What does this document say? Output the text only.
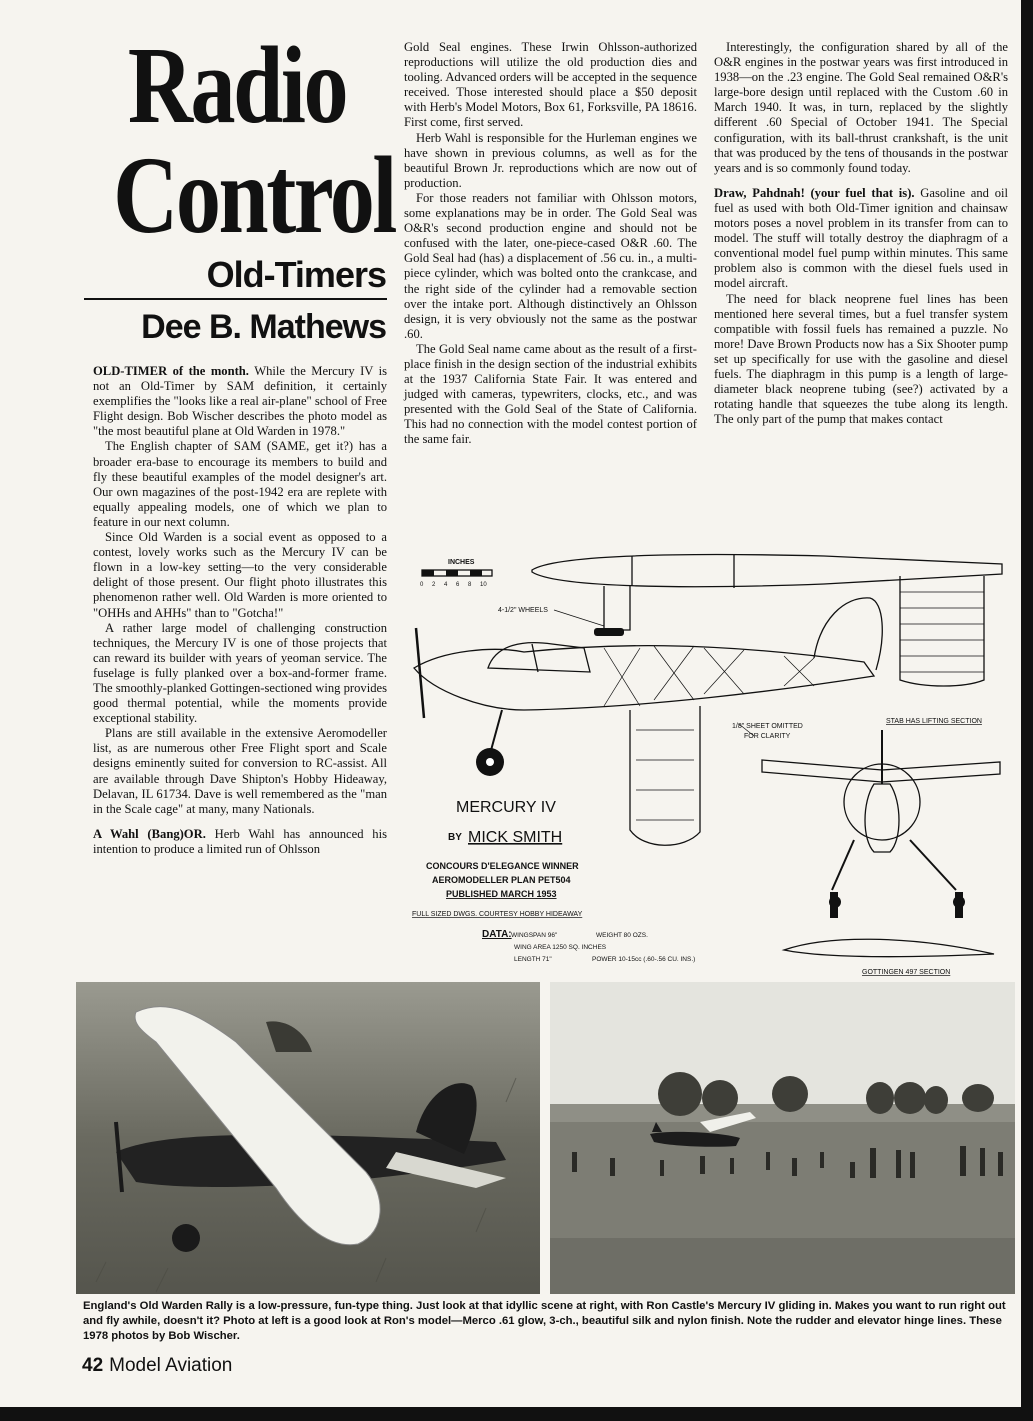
Radio
Control
Old-Timers
Dee B. Mathews

OLD-TIMER of the month. While the Mercury IV is not an Old-Timer by SAM definition, it certainly exemplifies the "looks like a real air-plane" school of Free Flight design. Bob Wischer describes the photo model as "the most beautiful plane at Old Warden in 1978."

The English chapter of SAM (SAME, get it?) has a broader era-base to encourage its members to build and fly these beautiful examples of the model designer's art. Our own magazines of the post-1942 era are replete with equally appealing models, one of which we plan to feature in our next column.

Since Old Warden is a social event as opposed to a contest, lovely works such as the Mercury IV can be flown in a low-key setting—to the very considerable delight of those present. Our flight photo illustrates this phenomenon rather well. Old Warden is more oriented to "OHHs and AHHs" than to "Gotcha!"

A rather large model of challenging construction techniques, the Mercury IV is one of those projects that can reward its builder with years of yeoman service. The fuselage is fully planked over a box-and-former frame. The smoothly-planked Gottingen-sectioned wing provides good thermal potential, while the moments provide exceptional stability.

Plans are still available in the extensive Aeromodeller list, as are numerous other Free Flight sport and Scale designs eminently suited for conversion to RC-assist. All are available through Dave Shipton's Hobby Hideaway, Delavan, IL 61734. Dave is well remembered as the "man in the Scale cage" at many, many Nationals.

A Wahl (Bang)OR. Herb Wahl has announced his intention to produce a limited run of Ohlsson

Gold Seal engines. These Irwin Ohlsson-authorized reproductions will utilize the old production dies and tooling. Advanced orders will be accepted in the sequence received. Those interested should place a $50 deposit with Herb's Model Motors, Box 61, Forksville, PA 18616. First come, first served.

Herb Wahl is responsible for the Hurleman engines we have shown in previous columns, as well as for the beautiful Brown Jr. reproductions which are now out of production.

For those readers not familiar with Ohlsson motors, some explanations may be in order. The Gold Seal was O&R's second production engine and should not be confused with the later, one-piece-cased O&R .60. The Gold Seal had (has) a displacement of .56 cu. in., a multi-piece cylinder, which was bolted onto the crankcase, and the right side of the cylinder had a removable section over the intake port. Although distinctively an Ohlsson design, it is very obviously not the same as the postwar .60.

The Gold Seal name came about as the result of a first-place finish in the design section of the industrial exhibits at the 1937 California State Fair. It was entered and judged with cameras, typewriters, clocks, etc., and was presented with the Gold Seal of the State of California. This had no connection with the model contest portion of the same fair.

Interestingly, the configuration shared by all of the O&R engines in the postwar years was first introduced in 1938—on the .23 engine. The Gold Seal remained O&R's large-bore design until replaced with the Custom .60 in March 1940. It was, in turn, replaced by the slightly different .60 Special of October 1941. The Special configuration, with its ball-thrust crankshaft, is the unit that was produced by the tens of thousands in the postwar years and is so commonly found today.

Draw, Pahdnah! (your fuel that is). Gasoline and oil fuel as used with both Old-Timer ignition and chainsaw motors poses a novel problem in its transfer from can to model. The stuff will totally destroy the diaphragm of a conventional model fuel pump within minutes. This same problem also is common with the diesel fuels used in model aircraft.

The need for black neoprene fuel lines has been mentioned here several times, but a fuel transfer system compatible with fossil fuels has remained a puzzle. No more! Dave Brown Products now has a Six Shooter pump set up specifically for use with the gasoline and diesel fuels. The diaphragm in this pump is a length of large-diameter black neoprene tubing (see?) activated by a rotating handle that squeezes the tube along its length. The only part of the pump that makes contact

INCHES
0 2 4 6 8 10
4-1/2" WHEELS
1/8" SHEET OMITTED
FOR CLARITY
STAB HAS LIFTING SECTION
MERCURY IV
BY MICK SMITH
CONCOURS D'ELEGANCE WINNER
AEROMODELLER PLAN PET504
PUBLISHED MARCH 1953
FULL SIZED DWGS. COURTESY HOBBY HIDEAWAY
DATA: WINGSPAN 96"	WEIGHT 80 OZS.
WING AREA 1250 SQ. INCHES
LENGTH 71"	POWER 10-15cc (.60-.56 CU. INS.)
GOTTINGEN 497 SECTION
England's Old Warden Rally is a low-pressure, fun-type thing. Just look at that idyllic scene at right, with Ron Castle's Mercury IV gliding in. Makes you want to run right out and fly awhile, doesn't it? Photo at left is a good look at Ron's model—Merco .61 glow, 3-ch., beautiful silk and nylon finish. Note the rudder and elevator hinge lines. These 1978 photos by Bob Wischer.
42 Model Aviation
